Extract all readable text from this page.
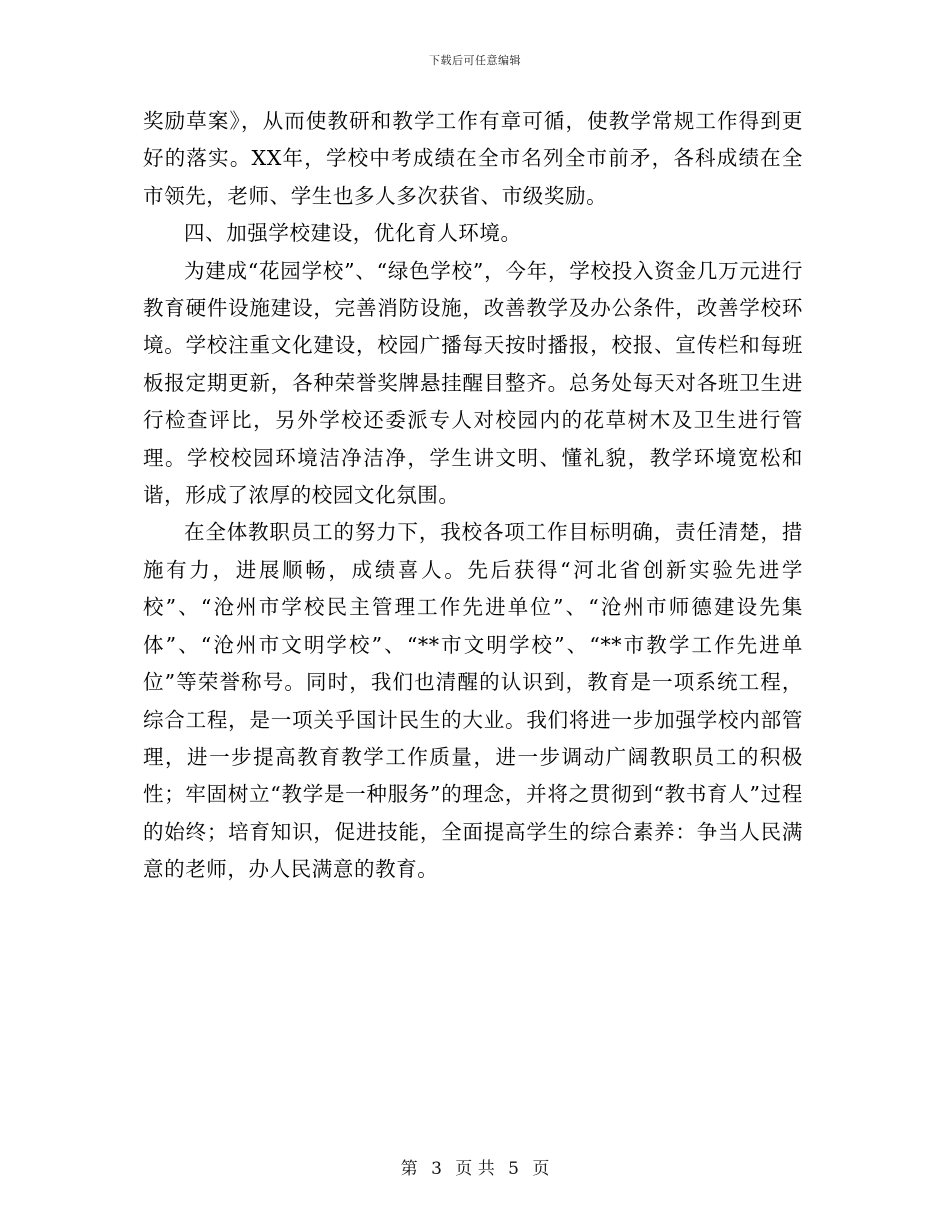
下载后可任意编辑

奖励草案》，从而使教研和教学工作有章可循，使教学常规工作得到更好的落实。XX年，学校中考成绩在全市名列全市前矛，各科成绩在全市领先，老师、学生也多人多次获省、市级奖励。

四、加强学校建设，优化育人环境。

为建成“花园学校”、“绿色学校”，今年，学校投入资金几万元进行教育硬件设施建设，完善消防设施，改善教学及办公条件，改善学校环境。学校注重文化建设，校园广播每天按时播报，校报、宣传栏和每班板报定期更新，各种荣誉奖牌悬挂醒目整齐。总务处每天对各班卫生进行检查评比，另外学校还委派专人对校园内的花草树木及卫生进行管理。学校校园环境洁净洁净，学生讲文明、懂礼貌，教学环境宽松和谐，形成了浓厚的校园文化氛围。

在全体教职员工的努力下，我校各项工作目标明确，责任清楚，措施有力，进展顺畅，成绩喜人。先后获得“河北省创新实验先进学校”、“沧州市学校民主管理工作先进单位”、“沧州市师德建设先集体”、“沧州市文明学校”、“**市文明学校”、“**市教学工作先进单位”等荣誉称号。同时，我们也清醒的认识到，教育是一项系统工程，综合工程，是一项关乎国计民生的大业。我们将进一步加强学校内部管理，进一步提高教育教学工作质量，进一步调动广阔教职员工的积极性；牢固树立“教学是一种服务”的理念，并将之贯彻到“教书育人”过程的始终；培育知识，促进技能，全面提高学生的综合素养：争当人民满意的老师，办人民满意的教育。

第 3 页 共 5 页
